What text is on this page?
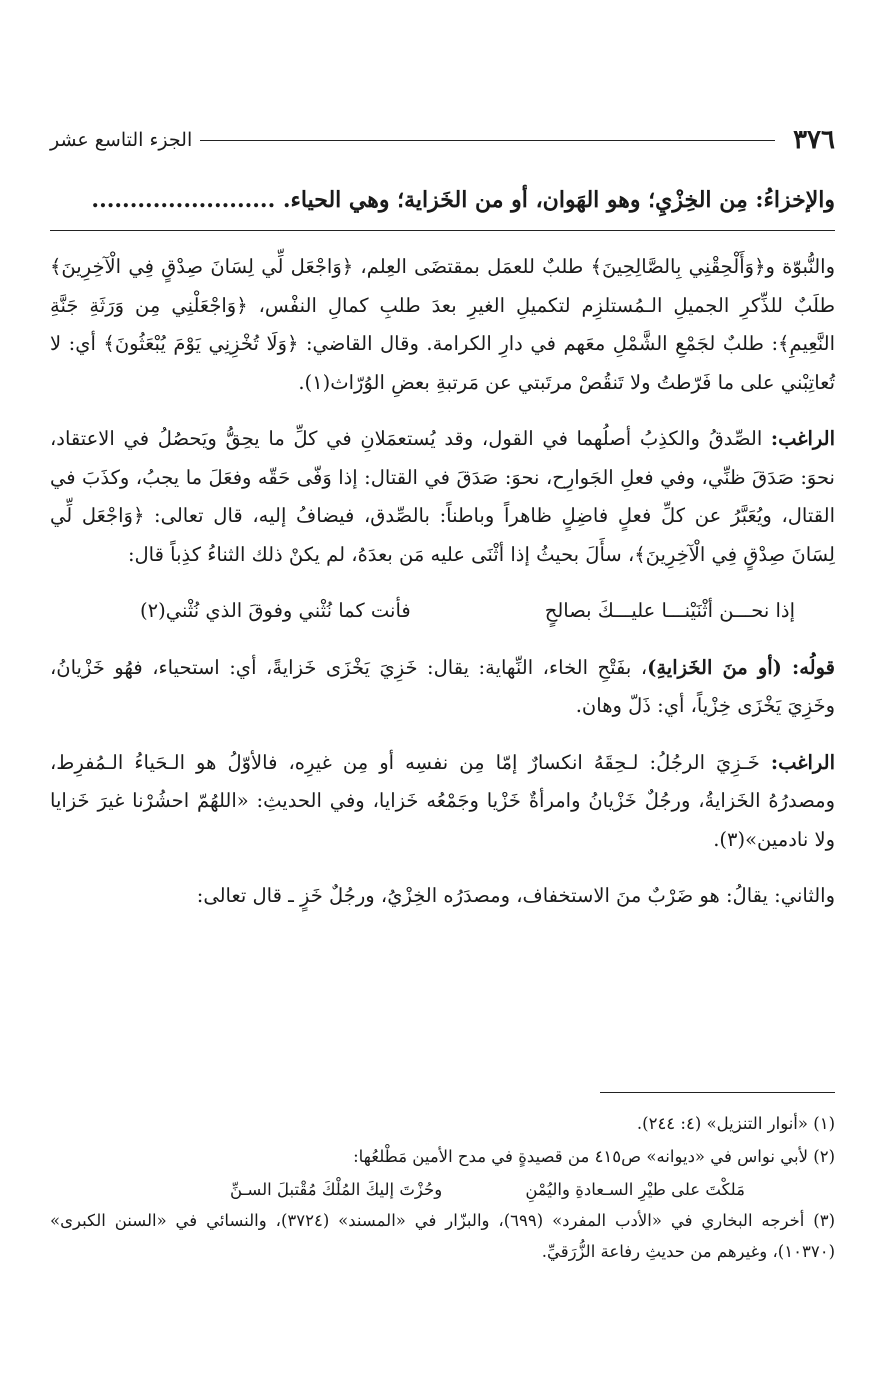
٣٧٦
الجزء التاسع عشر
والإخزاءُ: مِن الخِزْيِ؛ وهو الهَوان، أو من الخَزاية؛ وهي الحياء. ........................

والنُّبوّة و﴿وَأَلْحِقْنِي بِالصَّالِحِينَ﴾ طلبٌ للعمَل بمقتضَى العِلم، ﴿وَاجْعَل لِّي لِسَانَ صِدْقٍ فِي الْآخِرِينَ﴾ طلَبٌ للذِّكرِ الجميلِ الـمُستلزِم لتكميلِ الغيرِ بعدَ طلبِ كمالِ النفْس، ﴿وَاجْعَلْنِي مِن وَرَثَةِ جَنَّةِ النَّعِيمِ﴾: طلبٌ لجَمْعِ الشَّمْلِ معَهم في دارِ الكرامة. وقال القاضي: ﴿وَلَا تُخْزِنِي يَوْمَ يُبْعَثُونَ﴾ أي: لا تُعاتِبْني على ما فَرّطتُ ولا تَنقُصْ مرتَبتي عن مَرتبةِ بعضِ الوُرّاث(١).

الراغب: الصِّدقُ والكذِبُ أصلُهما في القول، وقد يُستعمَلانِ في كلِّ ما يحِقُّ ويَحصُلُ في الاعتقاد، نحوَ: صَدَقَ ظنِّي، وفي فعلِ الجَوارِح، نحوَ: صَدَقَ في القتال: إذا وَفّى حَقّه وفعَلَ ما يجبُ، وكذَبَ في القتال، ويُعَبَّرُ عن كلِّ فعلٍ فاضِلٍ ظاهراً وباطناً: بالصِّدق، فيضافُ إليه، قال تعالى: ﴿وَاجْعَل لِّي لِسَانَ صِدْقٍ فِي الْآخِرِينَ﴾، سأَلَ بحيثُ إذا أثْنَى عليه مَن بعدَهُ، لم يكنْ ذلك الثناءُ كذِباً قال:

إذا نحـــن أثْنَيْنـــا عليـــكَ بصالحٍ
فأنت كما نُثْني وفوقَ الذي نُثْني(٢)

قولُه: (أو منَ الخَزايةِ)، بفَتْحِ الخاء، النِّهاية: يقال: خَزِيَ يَخْزَى خَزايةً، أي: استحياء، فهُو خَزْيانُ، وخَزِيَ يَخْزَى خِزْياً، أي: ذَلّ وهان.

الراغب: خَـزِيَ الرجُلُ: لـحِقَهُ انكسارٌ إمّا مِن نفسِه أو مِن غيرِه، فالأوّلُ هو الـحَياءُ الـمُفرِط، ومصدرُهُ الخَزايةُ، ورجُلٌ خَزْيانُ وامرأةٌ خَزْيا وجَمْعُه خَزايا، وفي الحديثِ: «اللهُمّ احشُرْنا غيرَ خَزايا ولا نادمين»(٣).

والثاني: يقالُ: هو ضَرْبٌ منَ الاستخفاف، ومصدَرُه الخِزْيُ، ورجُلٌ خَزٍ ـ قال تعالى:

(١) «أنوار التنزيل» (٤: ٢٤٤).

(٢) لأبي نواس في «ديوانه» ص٤١٥ من قصيدةٍ في مدح الأمين مَطْلعُها:

مَلكْتَ على طيْرِ السـعادةِ واليُمْنِ
وحُزْتَ إليكَ المُلْكَ مُقْتبلَ السـنِّ

(٣) أخرجه البخاري في «الأدب المفرد» (٦٩٩)، والبزّار في «المسند» (٣٧٢٤)، والنسائي في «السنن الكبرى» (١٠٣٧٠)، وغيرهم من حديثِ رفاعة الزُّرَقيِّ.
